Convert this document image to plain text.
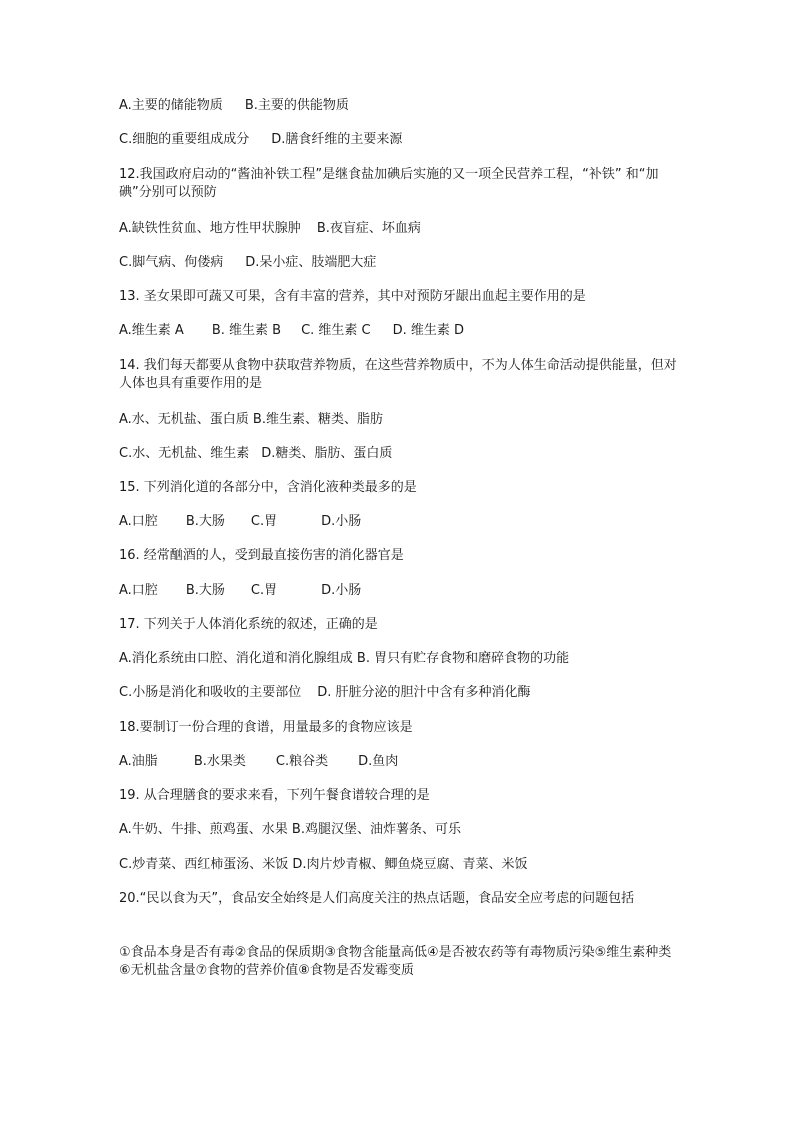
A.主要的储能物质 B.主要的供能物质
C.细胞的重要组成成分 D.膳食纤维的主要来源
12.我国政府启动的“酱油补铁工程”是继食盐加碘后实施的又一项全民营养工程，“补铁” 和“加碘”分别可以预防
A.缺铁性贫血、地方性甲状腺肿 B.夜盲症、坏血病
C.脚气病、佝偻病 D.呆小症、肢端肥大症
13. 圣女果即可蔬又可果，含有丰富的营养，其中对预防牙龈出血起主要作用的是
A.维生素 A B. 维生素 B C. 维生素 C D. 维生素 D
14. 我们每天都要从食物中获取营养物质，在这些营养物质中，不为人体生命活动提供能量，但对人体也具有重要作用的是
A.水、无机盐、蛋白质 B.维生素、糖类、脂肪
C.水、无机盐、维生素 D.糖类、脂肪、蛋白质
15. 下列消化道的各部分中，含消化液种类最多的是
A.口腔 B.大肠 C.胃	D.小肠
16. 经常酗酒的人，受到最直接伤害的消化器官是
A.口腔 B.大肠 C.胃	D.小肠
17. 下列关于人体消化系统的叙述，正确的是
A.消化系统由口腔、消化道和消化腺组成 B. 胃只有贮存食物和磨碎食物的功能
C.小肠是消化和吸收的主要部位 D. 肝脏分泌的胆汁中含有多种消化酶
18.要制订一份合理的食谱，用量最多的食物应该是
A.油脂	B.水果类 C.粮谷类 D.鱼肉
19. 从合理膳食的要求来看，下列午餐食谱较合理的是
A.牛奶、牛排、煎鸡蛋、水果 B.鸡腿汉堡、油炸薯条、可乐
C.炒青菜、西红柿蛋汤、米饭 D.肉片炒青椒、鲫鱼烧豆腐、青菜、米饭
20.“民以食为天”，食品安全始终是人们高度关注的热点话题，食品安全应考虑的问题包括
①食品本身是否有毒②食品的保质期③食物含能量高低④是否被农药等有毒物质污染⑤维生素种类⑥无机盐含量⑦食物的营养价值⑧食物是否发霉变质
